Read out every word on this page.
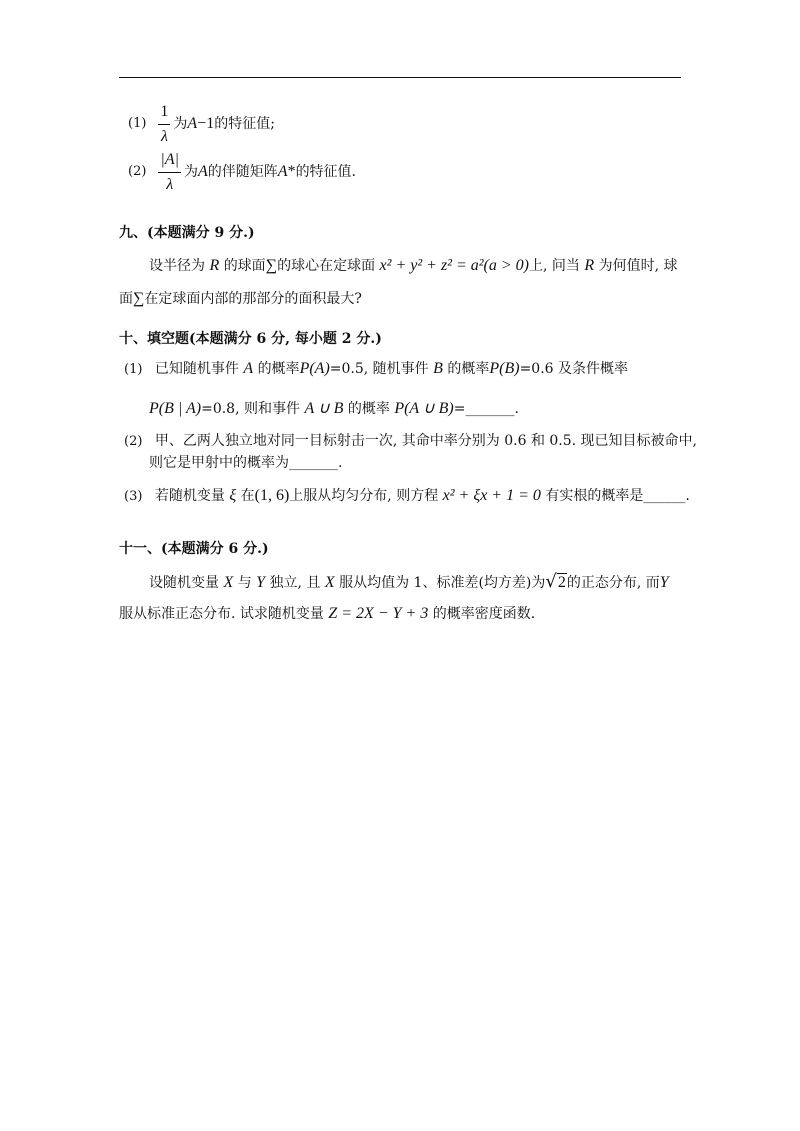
$(1) \frac{1}{\lambda}$ 为 A −1 的特征值;
$(2) \frac{|A|}{\lambda}$ 为 A 的伴随矩阵 A * 的特征值.
九、(本题满分 9 分.)
设半径为 R 的球面∑的球心在定球面 x² + y² + z² = a²(a > 0)上, 问当 R 为何值时, 球
面∑在定球面内部的那部分的面积最大?
十、填空题(本题满分 6 分, 每小题 2 分.)
(1) 已知随机事件 A 的概率P(A)=0.5, 随机事件 B 的概率P(B)=0.6 及条件概率
P(B | A)=0.8, 则和事件 A ∪ B 的概率 P(A ∪ B)=_______.
(2) 甲、乙两人独立地对同一目标射击一次, 其命中率分别为 0.6 和 0.5. 现已知目标被命中,
则它是甲射中的概率为_______.
(3) 若随机变量 ξ 在(1, 6)上服从均匀分布, 则方程 x² + ξx + 1 = 0 有实根的概率是______.
十一、(本题满分 6 分.)
设随机变量 X 与 Y 独立, 且 X 服从均值为 1、标准差(均方差)为√2的正态分布, 而Y
服从标准正态分布. 试求随机变量 Z = 2X − Y + 3 的概率密度函数.
